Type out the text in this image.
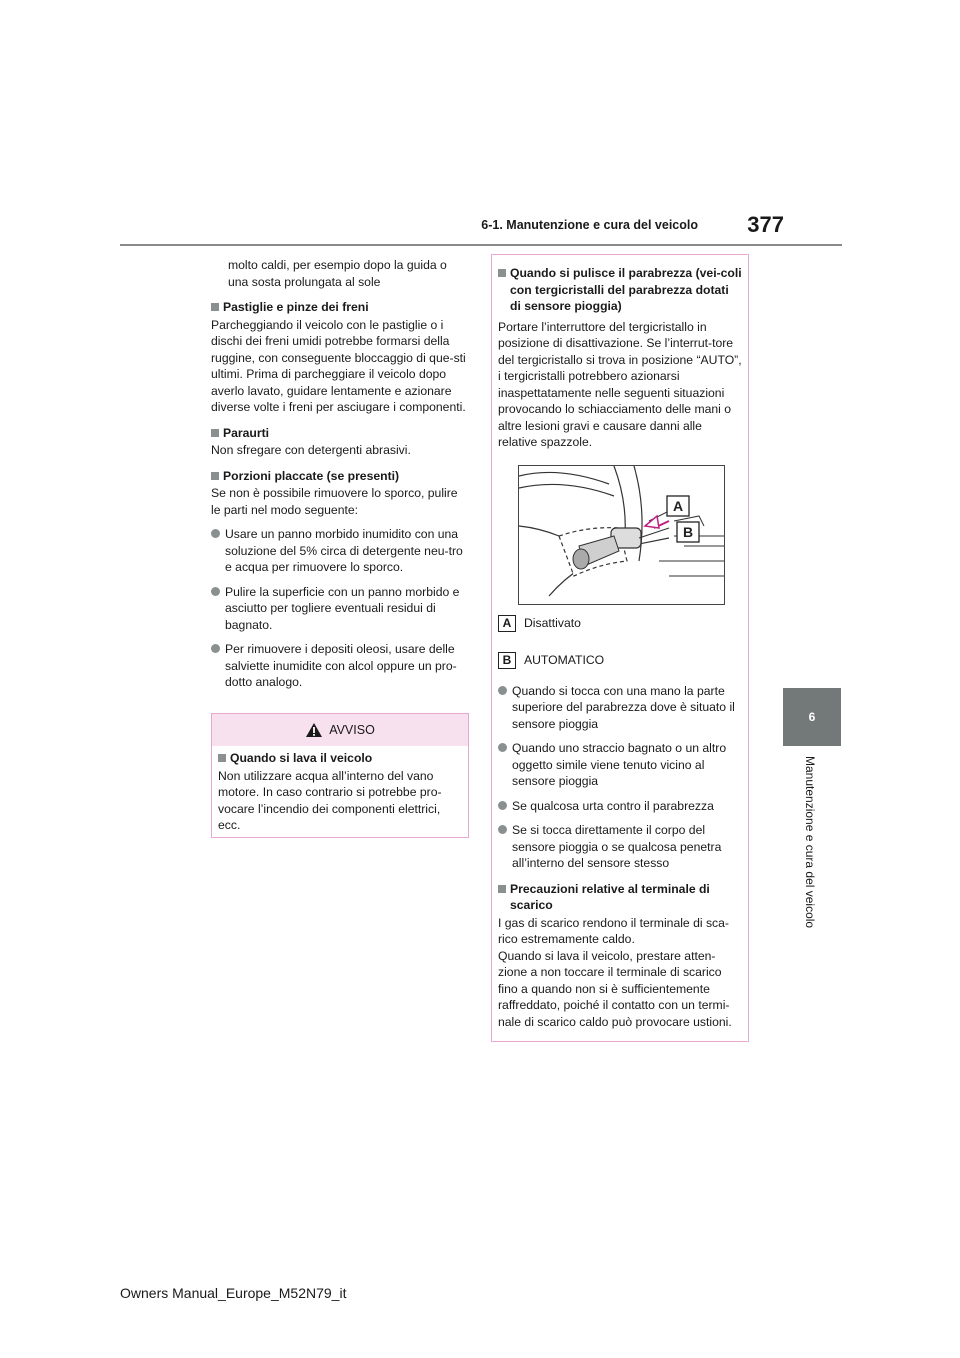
6-1. Manutenzione e cura del veicolo	377
6
Manutenzione e cura del veicolo

molto caldi, per esempio dopo la guida o una sosta prolungata al sole

Pastiglie e pinze dei freni

Parcheggiando il veicolo con le pastiglie o i dischi dei freni umidi potrebbe formarsi della ruggine, con conseguente bloccaggio di que-sti ultimi. Prima di parcheggiare il veicolo dopo averlo lavato, guidare lentamente e azionare diverse volte i freni per asciugare i componenti.

Paraurti

Non sfregare con detergenti abrasivi.

Porzioni placcate (se presenti)

Se non è possibile rimuovere lo sporco, pulire le parti nel modo seguente:

Usare un panno morbido inumidito con una soluzione del 5% circa di detergente neu-tro e acqua per rimuovere lo sporco.

Pulire la superficie con un panno morbido e asciutto per togliere eventuali residui di bagnato.

Per rimuovere i depositi oleosi, usare delle salviette inumidite con alcol oppure un pro-dotto analogo.

AVVISO

Quando si lava il veicolo

Non utilizzare acqua all’interno del vano motore. In caso contrario si potrebbe pro-vocare l’incendio dei componenti elettrici, ecc.

Quando si pulisce il parabrezza (vei-coli con tergicristalli del parabrezza dotati di sensore pioggia)

Portare l’interruttore del tergicristallo in posizione di disattivazione. Se l’interrut-tore del tergicristallo si trova in posizione “AUTO”, i tergicristalli potrebbero azionarsi inaspettatamente nelle seguenti situazioni provocando lo schiacciamento delle mani o altre lesioni gravi e causare danni alle relative spazzole.

A
B
A	Disattivato

B	AUTOMATICO

Quando si tocca con una mano la parte superiore del parabrezza dove è situato il sensore pioggia

Quando uno straccio bagnato o un altro oggetto simile viene tenuto vicino al sensore pioggia

Se qualcosa urta contro il parabrezza

Se si tocca direttamente il corpo del sensore pioggia o se qualcosa penetra all’interno del sensore stesso

Precauzioni relative al terminale di scarico

I gas di scarico rendono il terminale di sca-rico estremamente caldo.

Quando si lava il veicolo, prestare atten-zione a non toccare il terminale di scarico fino a quando non si è sufficientemente raffreddato, poiché il contatto con un termi-nale di scarico caldo può provocare ustioni.

Owners Manual_Europe_M52N79_it
